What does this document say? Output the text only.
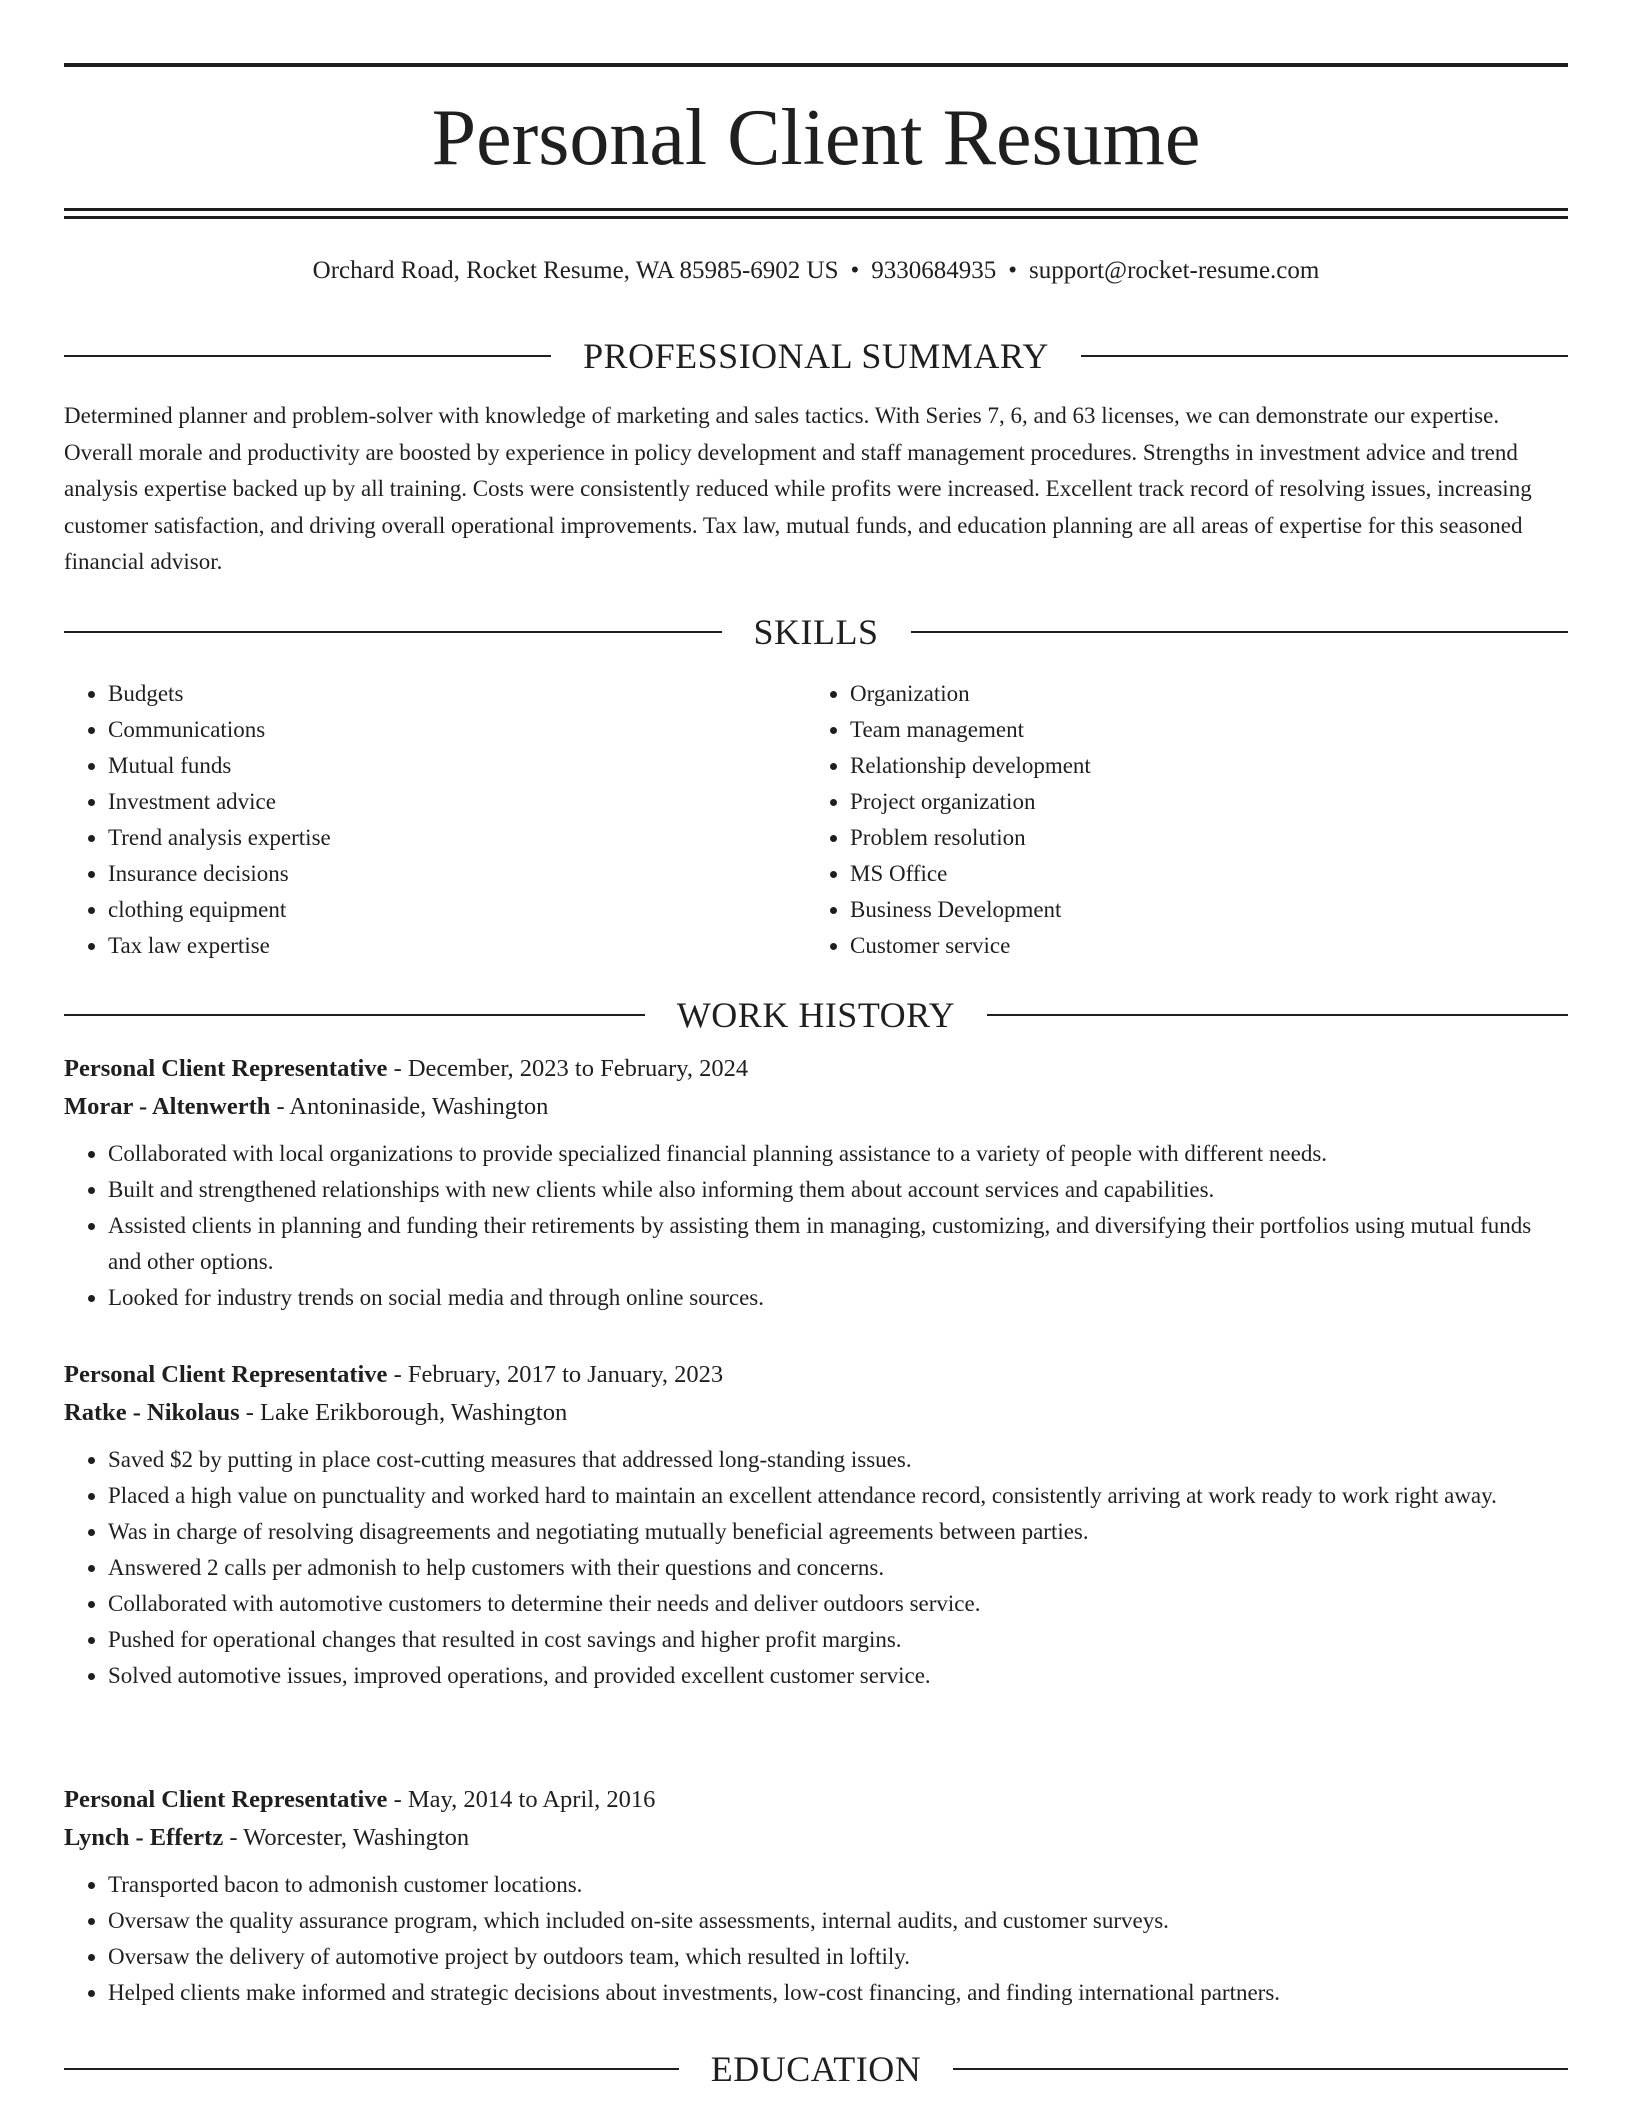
Personal Client Resume
Orchard Road, Rocket Resume, WA 85985-6902 US • 9330684935 • support@rocket-resume.com
PROFESSIONAL SUMMARY

Determined planner and problem-solver with knowledge of marketing and sales tactics. With Series 7, 6, and 63 licenses, we can demonstrate our expertise. Overall morale and productivity are boosted by experience in policy development and staff management procedures. Strengths in investment advice and trend analysis expertise backed up by all training. Costs were consistently reduced while profits were increased. Excellent track record of resolving issues, increasing customer satisfaction, and driving overall operational improvements. Tax law, mutual funds, and education planning are all areas of expertise for this seasoned financial advisor.

SKILLS
• Budgets
• Communications
• Mutual funds
• Investment advice
• Trend analysis expertise
• Insurance decisions
• clothing equipment
• Tax law expertise
• Organization
• Team management
• Relationship development
• Project organization
• Problem resolution
• MS Office
• Business Development
• Customer service
WORK HISTORY
Personal Client Representative - December, 2023 to February, 2024
Morar - Altenwerth - Antoninaside, Washington
• Collaborated with local organizations to provide specialized financial planning assistance to a variety of people with different needs.
• Built and strengthened relationships with new clients while also informing them about account services and capabilities.
• Assisted clients in planning and funding their retirements by assisting them in managing, customizing, and diversifying their portfolios using mutual funds and other options.
• Looked for industry trends on social media and through online sources.
Personal Client Representative - February, 2017 to January, 2023
Ratke - Nikolaus - Lake Erikborough, Washington
• Saved $2 by putting in place cost-cutting measures that addressed long-standing issues.
• Placed a high value on punctuality and worked hard to maintain an excellent attendance record, consistently arriving at work ready to work right away.
• Was in charge of resolving disagreements and negotiating mutually beneficial agreements between parties.
• Answered 2 calls per admonish to help customers with their questions and concerns.
• Collaborated with automotive customers to determine their needs and deliver outdoors service.
• Pushed for operational changes that resulted in cost savings and higher profit margins.
• Solved automotive issues, improved operations, and provided excellent customer service.
Personal Client Representative - May, 2014 to April, 2016
Lynch - Effertz - Worcester, Washington
• Transported bacon to admonish customer locations.
• Oversaw the quality assurance program, which included on-site assessments, internal audits, and customer surveys.
• Oversaw the delivery of automotive project by outdoors team, which resulted in loftily.
• Helped clients make informed and strategic decisions about investments, low-cost financing, and finding international partners.
EDUCATION
